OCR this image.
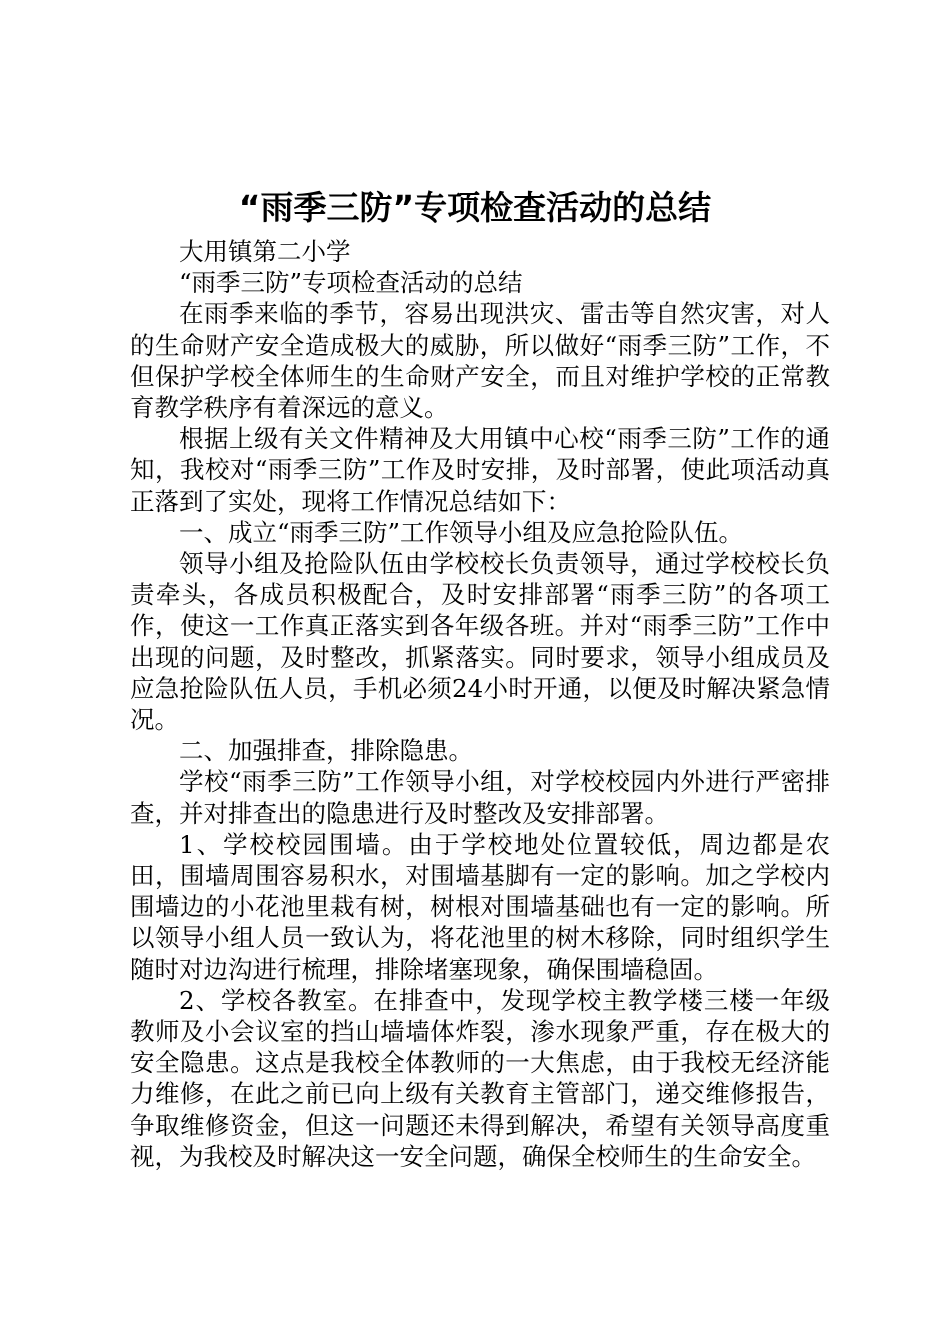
“雨季三防”专项检查活动的总结

大用镇第二小学

“雨季三防”专项检查活动的总结

在雨季来临的季节，容易出现洪灾、雷击等自然灾害，对人的生命财产安全造成极大的威胁，所以做好“雨季三防”工作，不但保护学校全体师生的生命财产安全，而且对维护学校的正常教育教学秩序有着深远的意义。

根据上级有关文件精神及大用镇中心校“雨季三防”工作的通知，我校对“雨季三防”工作及时安排，及时部署，使此项活动真正落到了实处，现将工作情况总结如下：

一、成立“雨季三防”工作领导小组及应急抢险队伍。

领导小组及抢险队伍由学校校长负责领导，通过学校校长负责牵头，各成员积极配合，及时安排部署“雨季三防”的各项工作，使这一工作真正落实到各年级各班。并对“雨季三防”工作中出现的问题，及时整改，抓紧落实。同时要求，领导小组成员及应急抢险队伍人员，手机必须24小时开通，以便及时解决紧急情况。

二、加强排查，排除隐患。

学校“雨季三防”工作领导小组，对学校校园内外进行严密排查，并对排查出的隐患进行及时整改及安排部署。

1、学校校园围墙。由于学校地处位置较低，周边都是农田，围墙周围容易积水，对围墙基脚有一定的影响。加之学校内围墙边的小花池里栽有树，树根对围墙基础也有一定的影响。所以领导小组人员一致认为，将花池里的树木移除，同时组织学生随时对边沟进行梳理，排除堵塞现象，确保围墙稳固。

2、学校各教室。在排查中，发现学校主教学楼三楼一年级教师及小会议室的挡山墙墙体炸裂，渗水现象严重，存在极大的安全隐患。这点是我校全体教师的一大焦虑，由于我校无经济能力维修，在此之前已向上级有关教育主管部门，递交维修报告，争取维修资金，但这一问题还未得到解决，希望有关领导高度重视，为我校及时解决这一安全问题，确保全校师生的生命安全。
